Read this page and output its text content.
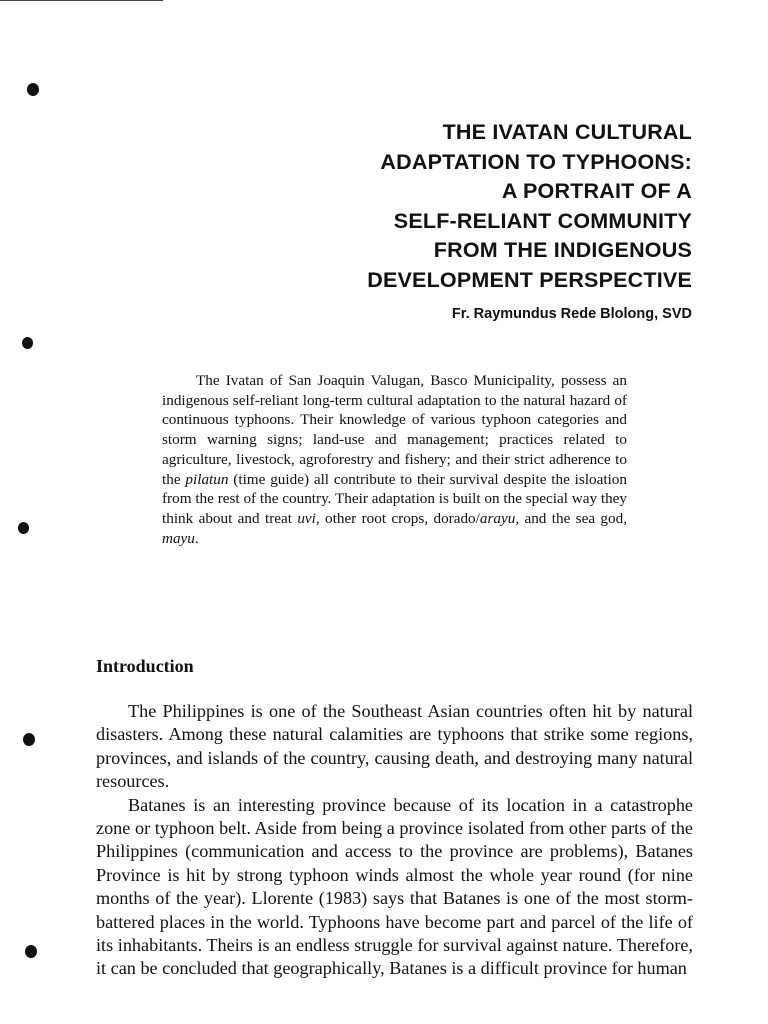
THE IVATAN CULTURAL
ADAPTATION TO TYPHOONS:
A PORTRAIT OF A
SELF-RELIANT COMMUNITY
FROM THE INDIGENOUS
DEVELOPMENT PERSPECTIVE
Fr. Raymundus Rede Blolong, SVD

The Ivatan of San Joaquin Valugan, Basco Municipality, possess an indigenous self-reliant long-term cultural adaptation to the natural hazard of continuous typhoons. Their knowledge of various typhoon categories and storm warning signs; land-use and management; practices related to agriculture, livestock, agroforestry and fishery; and their strict adherence to the pilatun (time guide) all contribute to their survival despite the isloation from the rest of the country. Their adaptation is built on the special way they think about and treat uvi, other root crops, dorado/arayu, and the sea god, mayu.

Introduction

The Philippines is one of the Southeast Asian countries often hit by natural disasters. Among these natural calamities are typhoons that strike some regions, provinces, and islands of the country, causing death, and destroying many natural resources.

Batanes is an interesting province because of its location in a catastrophe zone or typhoon belt. Aside from being a province isolated from other parts of the Philippines (communication and access to the province are problems), Batanes Province is hit by strong typhoon winds almost the whole year round (for nine months of the year). Llorente (1983) says that Batanes is one of the most storm-battered places in the world. Typhoons have become part and parcel of the life of its inhabitants. Theirs is an endless struggle for survival against nature. Therefore, it can be concluded that geographically, Batanes is a difficult province for human
